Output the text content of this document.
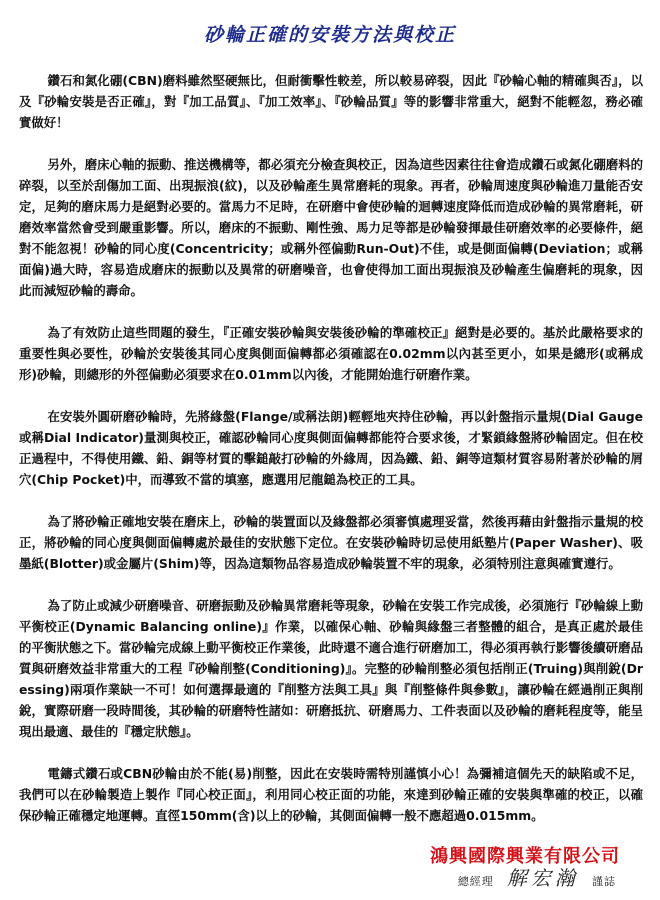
砂輪正確的安裝方法與校正

鑽石和氮化硼(CBN)磨料雖然堅硬無比，但耐衝擊性較差，所以較易碎裂，因此『砂輪心軸的精確與否』，以及『砂輪安裝是否正確』，對『加工品質』、『加工效率』、『砂輪品質』等的影響非常重大，絕對不能輕忽，務必確實做好！

另外，磨床心軸的振動、推送機構等，都必須充分檢查與校正，因為這些因素往往會造成鑽石或氮化硼磨料的碎裂，以至於刮傷加工面、出現振浪(紋)，以及砂輪產生異常磨耗的現象。再者，砂輪周速度與砂輪進刀量能否安定，足夠的磨床馬力是絕對必要的。當馬力不足時，在研磨中會使砂輪的迴轉速度降低而造成砂輪的異常磨耗，研磨效率當然會受到嚴重影響。所以，磨床的不振動、剛性強、馬力足等都是砂輪發揮最佳研磨效率的必要條件，絕對不能忽視！砂輪的同心度(Concentricity；或稱外徑偏動Run-Out)不佳，或是側面偏轉(Deviation；或稱面偏)過大時，容易造成磨床的振動以及異常的研磨噪音，也會使得加工面出現振浪及砂輪產生偏磨耗的現象，因此而減短砂輪的壽命。

為了有效防止這些問題的發生，『正確安裝砂輪與安裝後砂輪的準確校正』絕對是必要的。基於此嚴格要求的重要性與必要性，砂輪於安裝後其同心度與側面偏轉都必須確認在0.02mm以內甚至更小，如果是總形(或稱成形)砂輪，則總形的外徑偏動必須要求在0.01mm以內後，才能開始進行研磨作業。

在安裝外圓研磨砂輪時，先將緣盤(Flange/或稱法朗)輕輕地夾持住砂輪，再以針盤指示量規(Dial Gauge或稱Dial Indicator)量測與校正，確認砂輪同心度與側面偏轉都能符合要求後，才緊鎖緣盤將砂輪固定。但在校正過程中，不得使用鐵、鉛、銅等材質的擊鎚敲打砂輪的外緣周，因為鐵、鉛、銅等這類材質容易附著於砂輪的屑穴(Chip Pocket)中，而導致不當的填塞，應選用尼龍鎚為校正的工具。

為了將砂輪正確地安裝在磨床上，砂輪的裝置面以及緣盤都必須審慎處理妥當，然後再藉由針盤指示量規的校正，將砂輪的同心度與側面偏轉處於最佳的安狀態下定位。在安裝砂輪時切忌使用紙塾片(Paper Washer)、吸墨紙(Blotter)或金屬片(Shim)等，因為這類物品容易造成砂輪裝置不牢的現象，必須特別注意與確實遵行。

為了防止或減少研磨噪音、研磨振動及砂輪異常磨耗等現象，砂輪在安裝工作完成後，必須施行『砂輪線上動平衡校正(Dynamic Balancing online)』作業，以確保心軸、砂輪與緣盤三者整體的組合，是真正處於最佳的平衡狀態之下。當砂輪完成線上動平衡校正作業後，此時還不適合進行研磨加工，得必須再執行影響後續研磨品質與研磨效益非常重大的工程『砂輪削整(Conditioning)』。完整的砂輪削整必須包括削正(Truing)與削銳(Dressing)兩項作業缺一不可！如何選擇最適的『削整方法與工具』與『削整條件與參數』，讓砂輪在經過削正與削銳，實際研磨一段時間後，其砂輪的研磨特性諸如：研磨抵抗、研磨馬力、工件表面以及砂輪的磨耗程度等，能呈現出最適、最佳的『穩定狀態』。

電鑄式鑽石或CBN砂輪由於不能(易)削整，因此在安裝時需特別謹慎小心！為彌補這個先天的缺陷或不足，我們可以在砂輪製造上製作『同心校正面』，利用同心校正面的功能，來達到砂輪正確的安裝與準確的校正，以確保砂輪正確穩定地運轉。直徑150mm(含)以上的砂輪，其側面偏轉一般不應超過0.015mm。

鴻興國際興業有限公司
總經理 解宏瀚 謹誌
